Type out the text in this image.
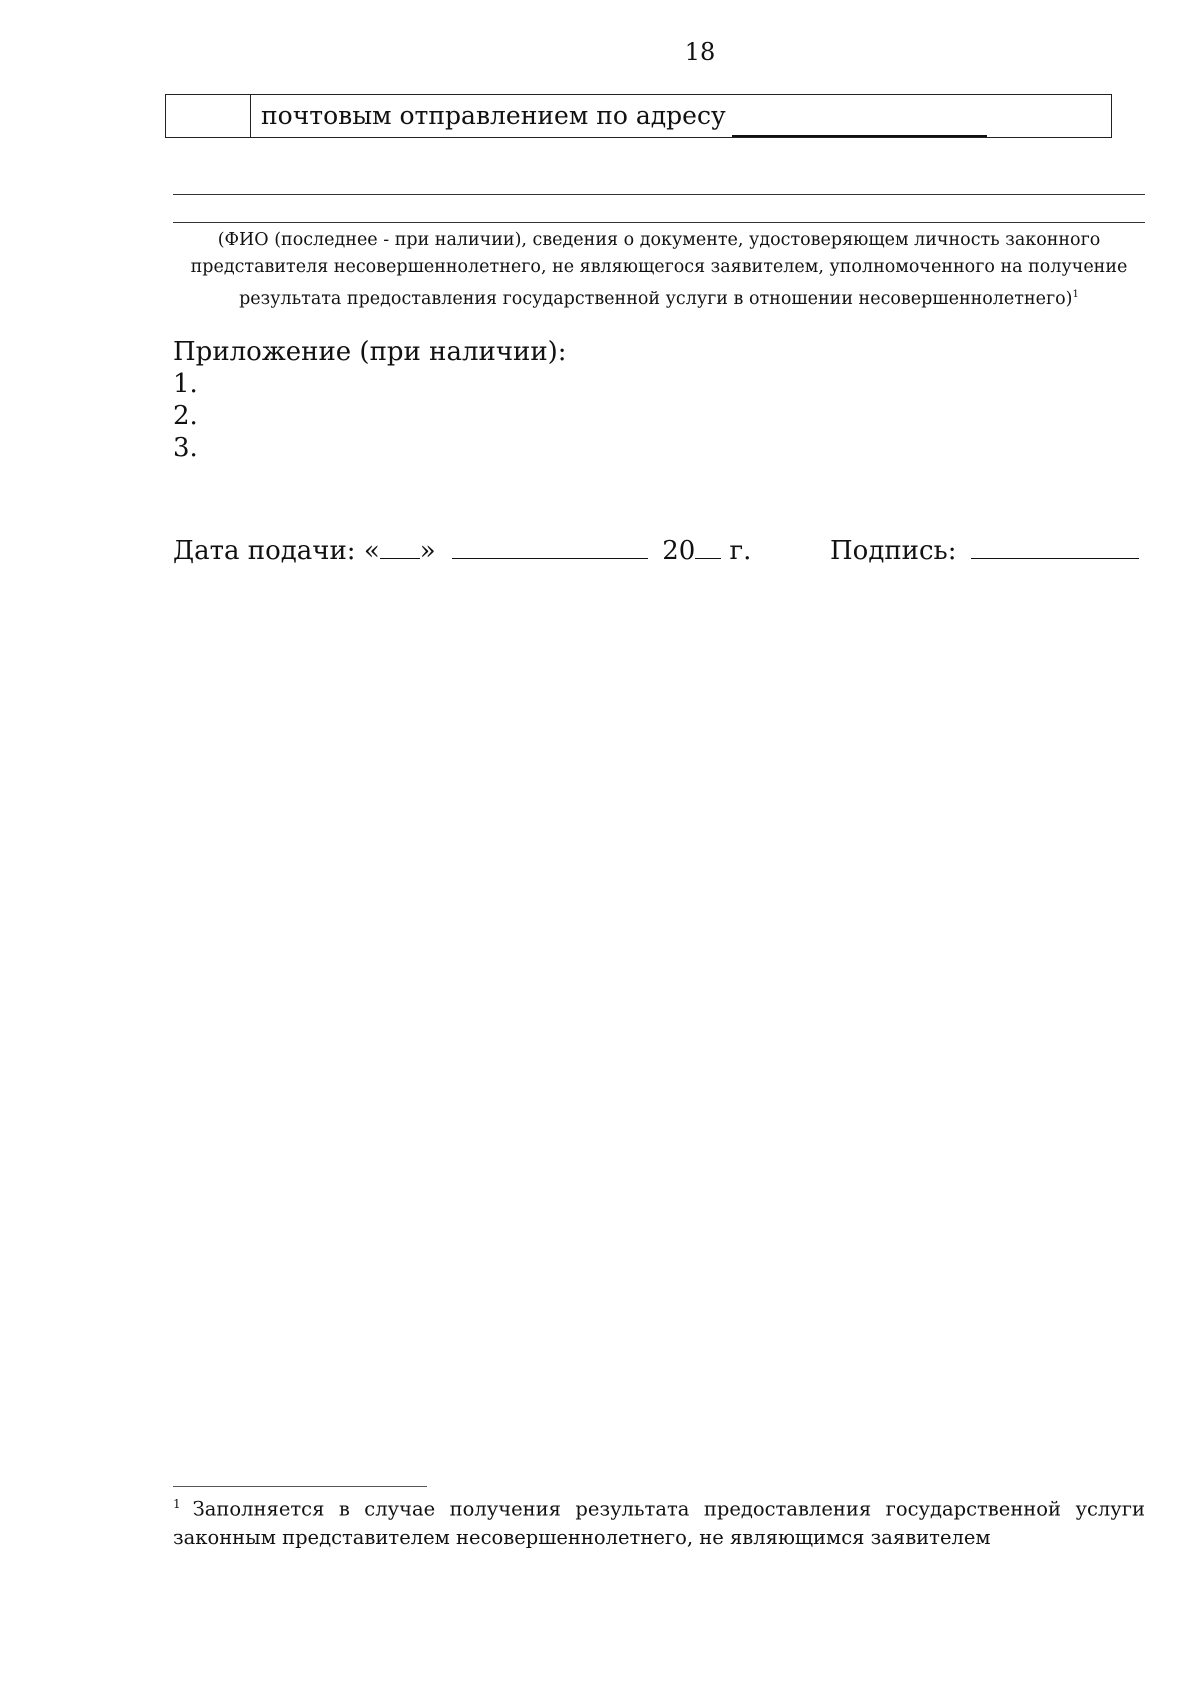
18
почтовым отправлением по адресу
(ФИО (последнее - при наличии), сведения о документе, удостоверяющем личность законного представителя несовершеннолетнего, не являющегося заявителем, уполномоченного на получение результата предоставления государственной услуги в отношении несовершеннолетнего)$^1$
Приложение (при наличии):
1.
2.
3.
Дата подачи: « »	20 г.	Подпись:
$^1$ Заполняется в случае получения результата предоставления государственной услуги
законным представителем несовершеннолетнего, не являющимся заявителем
